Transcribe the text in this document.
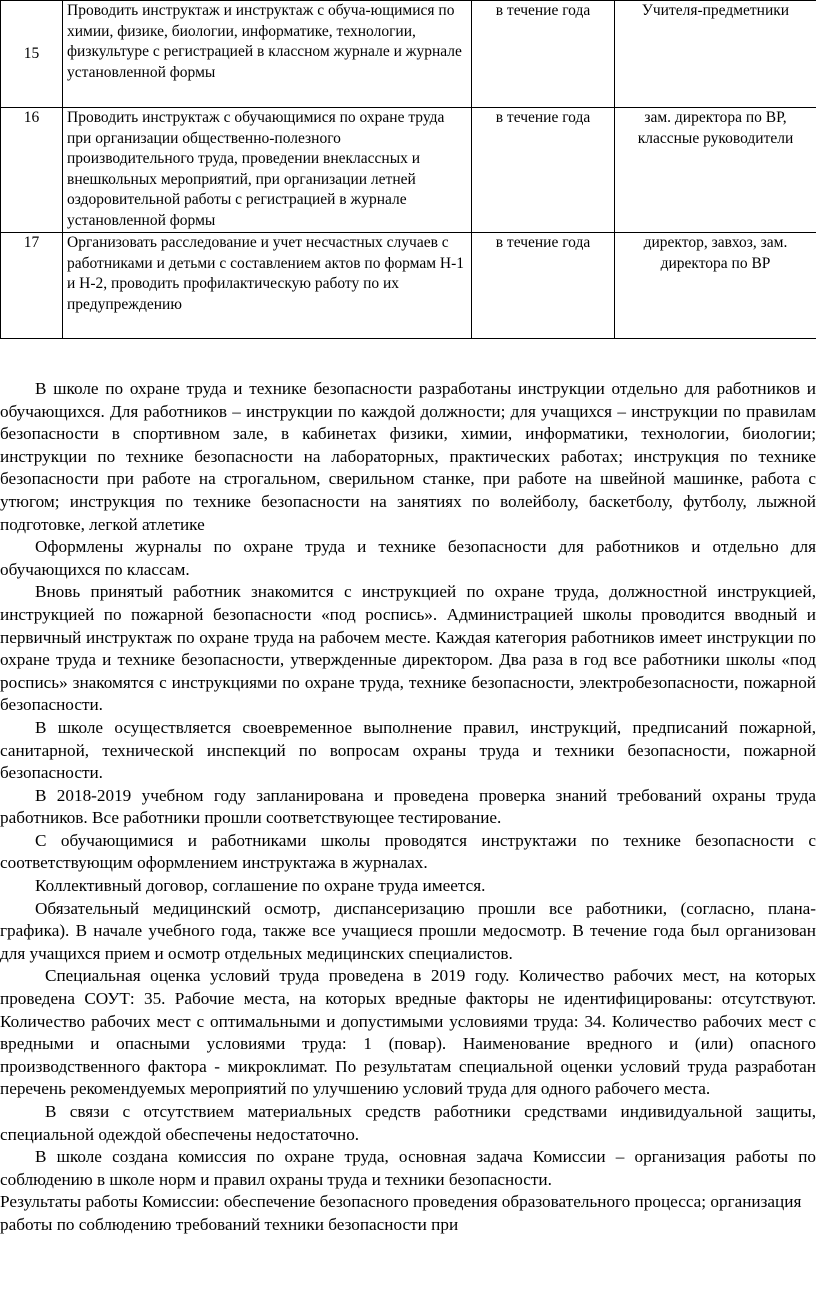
15	Проводить инструктаж и инструктаж с обуча-ющимися по химии, физике, биологии, информатике, технологии, физкультуре с регистрацией в классном журнале и журнале установленной формы	в течение года	Учителя-предметники
16	Проводить инструктаж с обучающимися по охране труда при организации общественно-полезного производительного труда, проведении внеклассных и внешкольных мероприятий, при организации летней оздоровительной работы с регистрацией в журнале установленной формы	в течение года	зам. директора по ВР, классные руководители
17	Организовать расследование и учет несчастных случаев с работниками и детьми с составлением актов по формам Н-1 и Н-2, проводить профилактическую работу по их предупреждению	в течение года	директор, завхоз, зам. директора по ВР

В школе по охране труда и технике безопасности разработаны инструкции отдельно для работников и обучающихся. Для работников – инструкции по каждой должности; для учащихся – инструкции по правилам безопасности в спортивном зале, в кабинетах физики, химии, информатики, технологии, биологии; инструкции по технике безопасности на лабораторных, практических работах; инструкция по технике безопасности при работе на строгальном, сверильном станке, при работе на швейной машинке, работа с утюгом; инструкция по технике безопасности на занятиях по волейболу, баскетболу, футболу, лыжной подготовке, легкой атлетике

Оформлены журналы по охране труда и технике безопасности для работников и отдельно для обучающихся по классам.

Вновь принятый работник знакомится с инструкцией по охране труда, должностной инструкцией, инструкцией по пожарной безопасности «под роспись». Администрацией школы проводится вводный и первичный инструктаж по охране труда на рабочем месте. Каждая категория работников имеет инструкции по охране труда и технике безопасности, утвержденные директором. Два раза в год все работники школы «под роспись» знакомятся с инструкциями по охране труда, технике безопасности, электробезопасности, пожарной безопасности.

В школе осуществляется своевременное выполнение правил, инструкций, предписаний пожарной, санитарной, технической инспекций по вопросам охраны труда и техники безопасности, пожарной безопасности.

В 2018-2019 учебном году запланирована и проведена проверка знаний требований охраны труда работников. Все работники прошли соответствующее тестирование.

С обучающимися и работниками школы проводятся инструктажи по технике безопасности с соответствующим оформлением инструктажа в журналах.

Коллективный договор, соглашение по охране труда имеется.

Обязательный медицинский осмотр, диспансеризацию прошли все работники, (согласно, плана- графика). В начале учебного года, также все учащиеся прошли медосмотр. В течение года был организован для учащихся прием и осмотр отдельных медицинских специалистов.

Специальная оценка условий труда проведена в 2019 году. Количество рабочих мест, на которых проведена СОУТ: 35. Рабочие места, на которых вредные факторы не идентифицированы: отсутствуют. Количество рабочих мест с оптимальными и допустимыми условиями труда: 34. Количество рабочих мест с вредными и опасными условиями труда: 1 (повар). Наименование вредного и (или) опасного производственного фактора - микроклимат. По результатам специальной оценки условий труда разработан перечень рекомендуемых мероприятий по улучшению условий труда для одного рабочего места.

В связи с отсутствием материальных средств работники средствами индивидуальной защиты, специальной одеждой обеспечены недостаточно.

В школе создана комиссия по охране труда, основная задача Комиссии – организация работы по соблюдению в школе норм и правил охраны труда и техники безопасности.

Результаты работы Комиссии: обеспечение безопасного проведения образовательного процесса; организация работы по соблюдению требований техники безопасности при
